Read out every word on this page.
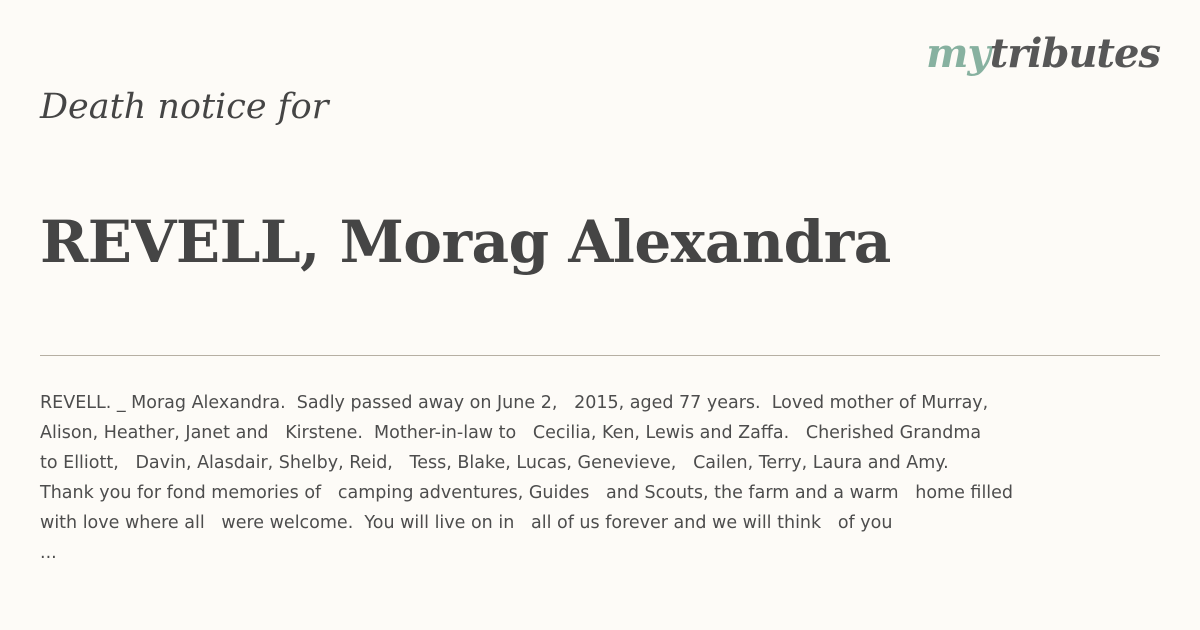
mytributes

Death notice for

REVELL, Morag Alexandra
REVELL. _ Morag Alexandra.  Sadly passed away on June 2,   2015, aged 77 years.  Loved mother of Murray,
Alison, Heather, Janet and   Kirstene.  Mother-in-law to   Cecilia, Ken, Lewis and Zaffa.   Cherished Grandma
to Elliott,   Davin, Alasdair, Shelby, Reid,   Tess, Blake, Lucas, Genevieve,   Cailen, Terry, Laura and Amy.
Thank you for fond memories of   camping adventures, Guides   and Scouts, the farm and a warm   home filled
with love where all   were welcome.  You will live on in   all of us forever and we will think   of you
...
